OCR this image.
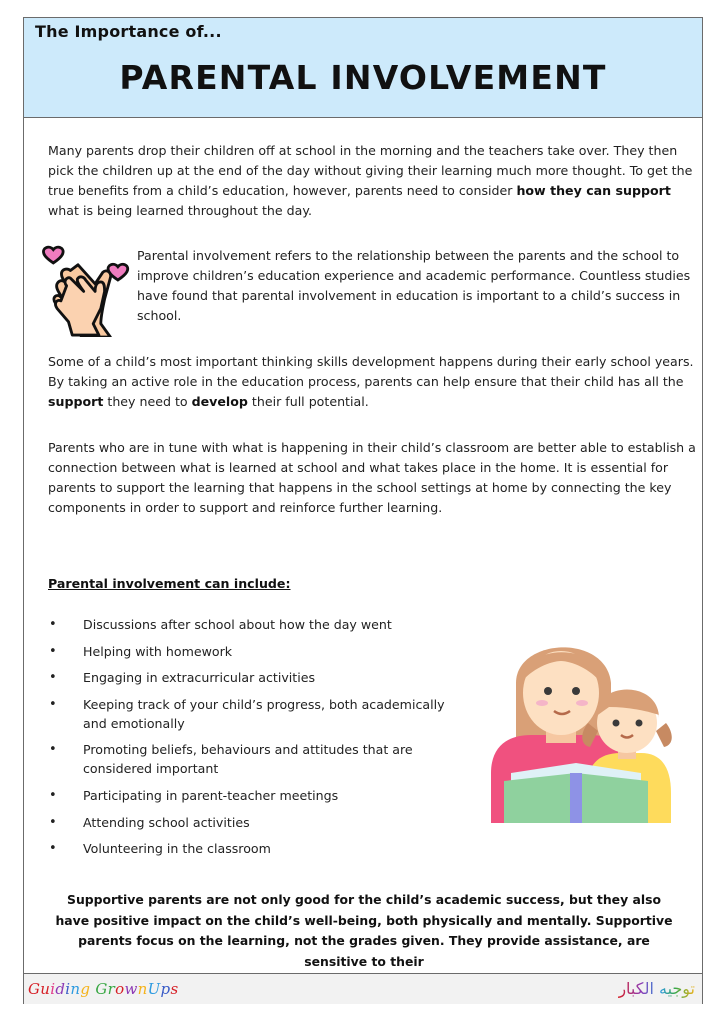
The Importance of...
PARENTAL INVOLVEMENT

Many parents drop their children off at school in the morning and the teachers take over. They then pick the children up at the end of the day without giving their learning much more thought. To get the true benefits from a child’s education, however, parents need to consider how they can support what is being learned throughout the day.

Parental involvement refers to the relationship between the parents and the school to improve children’s education experience and academic performance. Countless studies have found that parental involvement in education is important to a child’s success in school.

Some of a child’s most important thinking skills development happens during their early school years. By taking an active role in the education process, parents can help ensure that their child has all the support they need to develop their full potential.

Parents who are in tune with what is happening in their child’s classroom are better able to establish a connection between what is learned at school and what takes place in the home. It is essential for parents to support the learning that happens in the school settings at home by connecting the key components in order to support and reinforce further learning.

Parental involvement can include:
• Discussions after school about how the day went
• Helping with homework
• Engaging in extracurricular activities
• Keeping track of your child’s progress, both academically and emotionally
• Promoting beliefs, behaviours and attitudes that are considered important
• Participating in parent-teacher meetings
• Attending school activities
• Volunteering in the classroom

Supportive parents are not only good for the child’s academic success, but they also have positive impact on the child’s well-being, both physically and mentally. Supportive parents focus on the learning, not the grades given. They provide assistance, are sensitive to their

Guiding GrownUps	توجيه الكبار
